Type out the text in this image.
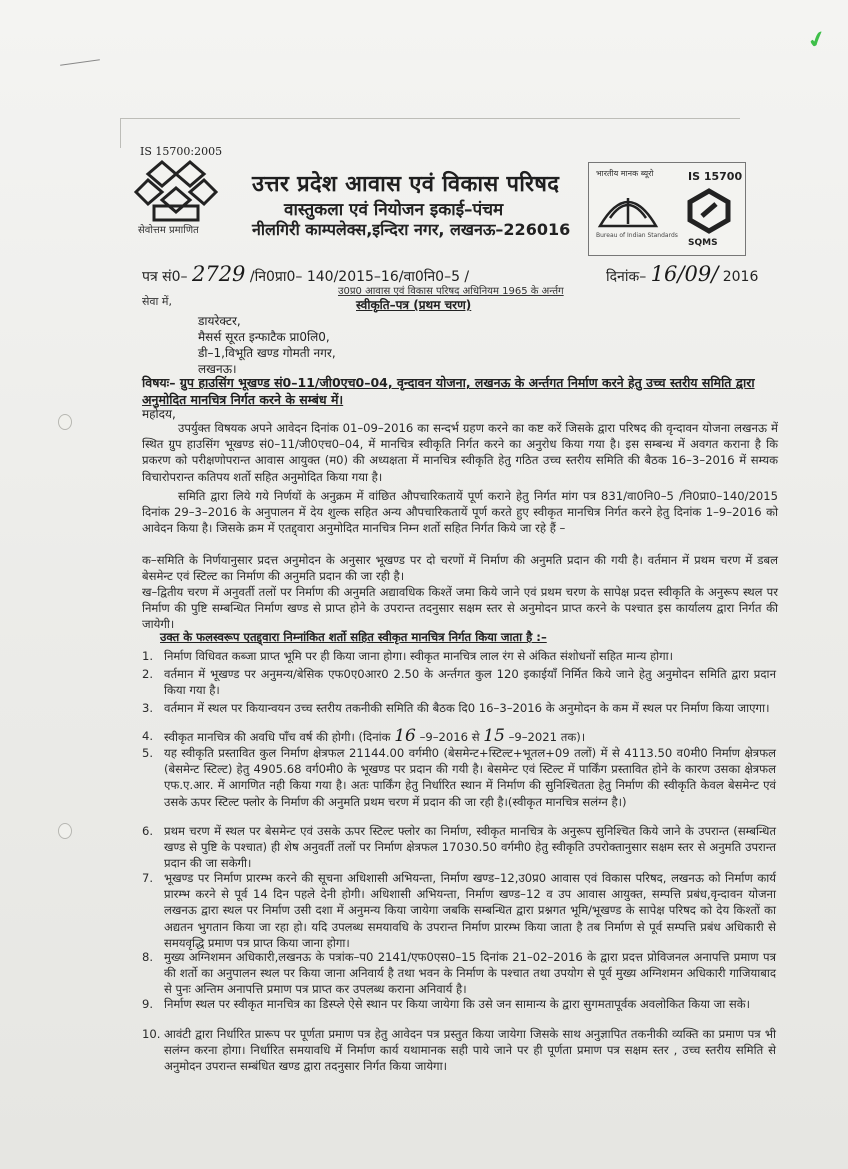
✔
IS 15700:2005
सेवोत्तम प्रमाणित
उत्तर प्रदेश आवास एवं विकास परिषद
वास्तुकला एवं नियोजन इकाई–पंचम
नीलगिरी काम्पलेक्स,इन्दिरा नगर, लखनऊ–226016
भारतीय मानक ब्यूरो	IS 15700
Bureau of Indian Standards
SQMS
पत्र सं0– 2729 /नि0प्रा0– 140/2015–16/वा0नि0–5 /	दिनांक– 16/09/ 2016
उ0प्र0 आवास एवं विकास परिषद अधिनियम 1965 के अर्न्तग
स्वीकृति–पत्र (प्रथम चरण)
सेवा में,
डायरेक्टर,
मैसर्स सूरत इन्फाटैक प्रा0लि0,
डी–1,विभूति खण्ड गोमती नगर,
लखनऊ।
विषयः– ग्रुप हाउसिंग भूखण्ड सं0–11/जी0एच0–04, वृन्दावन योजना, लखनऊ के अर्न्तगत निर्माण करने हेतु उच्च स्तरीय समिति द्वारा अनुमोदित मानचित्र निर्गत करने के सम्बंध में।
महोदय,
उपर्युक्त विषयक अपने आवेदन दिनांक 01–09–2016 का सन्दर्भ ग्रहण करने का कष्ट करें जिसके द्वारा परिषद की वृन्दावन योजना लखनऊ में स्थित ग्रुप हाउसिंग भूखण्ड सं0–11/जी0एच0–04, में मानचित्र स्वीकृति निर्गत करने का अनुरोध किया गया है। इस सम्बन्ध में अवगत कराना है कि प्रकरण को परीक्षणोपरान्त आवास आयुक्त (म0) की अध्यक्षता में मानचित्र स्वीकृति हेतु गठित उच्च स्तरीय समिति की बैठक 16–3–2016 में सम्यक विचारोपरान्त कतिपय शर्तो सहित अनुमोदित किया गया है।
समिति द्वारा लिये गये निर्णयों के अनुक्रम में वांछित औपचारिकतायें पूर्ण कराने हेतु निर्गत मांग पत्र 831/वा0नि0–5 /नि0प्रा0–140/2015 दिनांक 29–3–2016 के अनुपालन में देय शुल्क सहित अन्य औपचारिकतायें पूर्ण करते हुए स्वीकृत मानचित्र निर्गत करने हेतु दिनांक 1–9–2016 को आवेदन किया है। जिसके क्रम में एतद्द्वारा अनुमोदित मानचित्र निम्न शर्तो सहित निर्गत किये जा रहे हैं –
क–समिति के निर्णयानुसार प्रदत्त अनुमोदन के अनुसार भूखण्ड पर दो चरणों में निर्माण की अनुमति प्रदान की गयी है। वर्तमान में प्रथम चरण में डबल बेसमेन्ट एवं स्टिल्ट का निर्माण की अनुमति प्रदान की जा रही है।
ख–द्वितीय चरण में अनुवर्ती तलों पर निर्माण की अनुमति अद्यावधिक किश्तें जमा किये जाने एवं प्रथम चरण के सापेक्ष प्रदत्त स्वीकृति के अनुरूप स्थल पर निर्माण की पुष्टि सम्बन्धित निर्माण खण्ड से प्राप्त होने के उपरान्त तदनुसार सक्षम स्तर से अनुमोदन प्राप्त करने के पश्चात इस कार्यालय द्वारा निर्गत की जायेगी।
उक्त के फलस्वरूप एतद्द्वारा निम्नांकित शर्तो सहित स्वीकृत मानचित्र निर्गत किया जाता है :–
1. निर्माण विधिवत कब्जा प्राप्त भूमि पर ही किया जाना होगा। स्वीकृत मानचित्र लाल रंग से अंकित संशोधनों सहित मान्य होगा।
2. वर्तमान में भूखण्ड पर अनुमन्य/बेसिक एफ0ए0आर0 2.50 के अर्न्तगत कुल 120 इकाईयाँ निर्मित किये जाने हेतु अनुमोदन समिति द्वारा प्रदान किया गया है।
3. वर्तमान में स्थल पर कियान्वयन उच्च स्तरीय तकनीकी समिति की बैठक दि0 16–3–2016 के अनुमोदन के कम में स्थल पर निर्माण किया जाएगा।
4. स्वीकृत मानचित्र की अवधि पाँच वर्ष की होगी। (दिनांक 16 –9–2016 से 15 –9–2021 तक)।
5. यह स्वीकृति प्रस्तावित कुल निर्माण क्षेत्रफल 21144.00 वर्गमी0 (बेसमेन्ट+स्टिल्ट+भूतल+09 तलों) में से 4113.50 व0मी0 निर्माण क्षेत्रफल (बेसमेन्ट स्टिल्ट) हेतु 4905.68 वर्ग0मी0 के भूखण्ड पर प्रदान की गयी है। बेसमेन्ट एवं स्टिल्ट में पार्किंग प्रस्तावित होने के कारण उसका क्षेत्रफल एफ.ए.आर. में आगणित नही किया गया है। अतः पार्किंग हेतु निर्धारित स्थान में निर्माण की सुनिश्चितता हेतु निर्माण की स्वीकृति केवल बेसमेन्ट एवं उसके ऊपर स्टिल्ट फ्लोर के निर्माण की अनुमति प्रथम चरण में प्रदान की जा रही है।(स्वीकृत मानचित्र सलंग्न है।)
6. प्रथम चरण में स्थल पर बेसमेन्ट एवं उसके ऊपर स्टिल्ट फ्लोर का निर्माण, स्वीकृत मानचित्र के अनुरूप सुनिश्चित किये जाने के उपरान्त (सम्बन्धित खण्ड से पुष्टि के पश्चात) ही शेष अनुवर्ती तलों पर निर्माण क्षेत्रफल 17030.50 वर्गमी0 हेतु स्वीकृति उपरोक्तानुसार सक्षम स्तर से अनुमति उपरान्त प्रदान की जा सकेगी।
7. भूखण्ड पर निर्माण प्रारम्भ करने की सूचना अधिशासी अभियन्ता, निर्माण खण्ड–12,उ0प्र0 आवास एवं विकास परिषद, लखनऊ को निर्माण कार्य प्रारम्भ करने से पूर्व 14 दिन पहले देनी होगी। अधिशासी अभियन्ता, निर्माण खण्ड–12 व उप आवास आयुक्त, सम्पत्ति प्रबंध,वृन्दावन योजना लखनऊ द्वारा स्थल पर निर्माण उसी दशा में अनुमन्य किया जायेगा जबकि सम्बन्धित द्वारा प्रश्नगत भूमि/भूखण्ड के सापेक्ष परिषद को देय किश्तों का अद्यतन भुगतान किया जा रहा हो। यदि उपलब्ध समयावधि के उपरान्त निर्माण प्रारम्भ किया जाता है तब निर्माण से पूर्व सम्पत्ति प्रबंध अधिकारी से समयवृद्धि प्रमाण पत्र प्राप्त किया जाना होगा।
8. मुख्य अग्निशमन अधिकारी,लखनऊ के पत्रांक–प0 2141/एफ0एस0–15 दिनांक 21–02–2016 के द्वारा प्रदत्त प्रोविजनल अनापत्ति प्रमाण पत्र की शर्तो का अनुपालन स्थल पर किया जाना अनिवार्य है तथा भवन के निर्माण के पश्चात तथा उपयोग से पूर्व मुख्य अग्निशमन अधिकारी गाजियाबाद से पुनः अन्तिम अनापत्ति प्रमाण पत्र प्राप्त कर उपलब्ध कराना अनिवार्य है।
9. निर्माण स्थल पर स्वीकृत मानचित्र का डिस्प्ले ऐसे स्थान पर किया जायेगा कि उसे जन सामान्य के द्वारा सुगमतापूर्वक अवलोकित किया जा सके।
10. आवंटी द्वारा निर्धारित प्रारूप पर पूर्णता प्रमाण पत्र हेतु आवेदन पत्र प्रस्तुत किया जायेगा जिसके साथ अनुज्ञापित तकनीकी व्यक्ति का प्रमाण पत्र भी सलंग्न करना होगा। निर्धारित समयावधि में निर्माण कार्य यथामानक सही पाये जाने पर ही पूर्णता प्रमाण पत्र सक्षम स्तर , उच्च स्तरीय समिति से अनुमोदन उपरान्त सम्बंधित खण्ड द्वारा तदनुसार निर्गत किया जायेगा।
